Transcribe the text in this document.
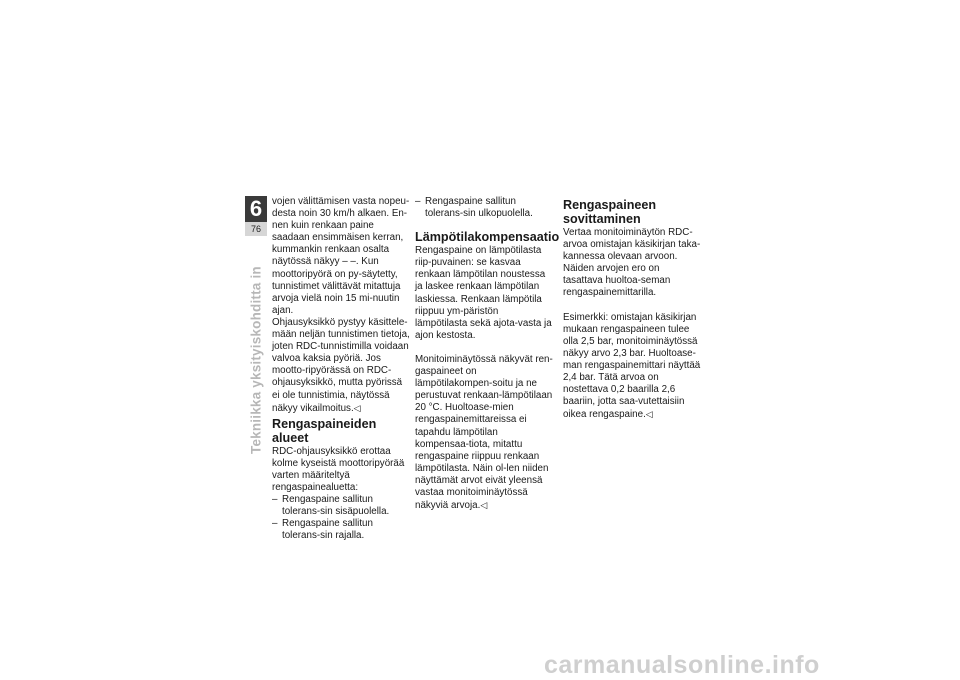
6
76
Tekniikka yksityiskohditta in

vojen välittämisen vasta nopeu-desta noin 30 km/h alkaen. En-nen kuin renkaan paine saadaan ensimmäisen kerran, kummankin renkaan osalta näytössä näkyy – –. Kun moottoripyörä on py-säytetty, tunnistimet välittävät mitattuja arvoja vielä noin 15 mi-nuutin ajan.

Ohjausyksikkö pystyy käsittele-mään neljän tunnistimen tietoja, joten RDC-tunnistimilla voidaan valvoa kaksia pyöriä. Jos mootto-ripyörässä on RDC-ohjausyksikkö, mutta pyörissä ei ole tunnistimia, näytössä näkyy vikailmoitus.◁

Rengaspaineiden alueet

RDC-ohjausyksikkö erottaa kolme kyseistä moottoripyörää varten määriteltyä rengaspainealuetta:

– Rengaspaine sallitun tolerans-sin sisäpuolella.
– Rengaspaine sallitun tolerans-sin rajalla.
– Rengaspaine sallitun tolerans-sin ulkopuolella.
Lämpötilakompensaatio

Rengaspaine on lämpötilasta riip-puvainen: se kasvaa renkaan lämpötilan noustessa ja laskee renkaan lämpötilan laskiessa. Renkaan lämpötila riippuu ym-päristön lämpötilasta sekä ajota-vasta ja ajon kestosta.

Monitoiminäytössä näkyvät ren-gaspaineet on lämpötilakompen-soitu ja ne perustuvat renkaan-lämpötilaan 20 °C. Huoltoase-mien rengaspainemittareissa ei tapahdu lämpötilan kompensaa-tiota, mitattu rengaspaine riippuu renkaan lämpötilasta. Näin ol-len niiden näyttämät arvot eivät yleensä vastaa monitoiminäytössä näkyviä arvoja.◁

Rengaspaineen sovittaminen

Vertaa monitoiminäytön RDC-arvoa omistajan käsikirjan taka-kannessa olevaan arvoon. Näiden arvojen ero on tasattava huoltoa-seman rengaspainemittarilla.

Esimerkki: omistajan käsikirjan mukaan rengaspaineen tulee olla 2,5 bar, monitoiminäytössä näkyy arvo 2,3 bar. Huoltoase-man rengaspainemittari näyttää 2,4 bar. Tätä arvoa on nostettava 0,2 baarilla 2,6 baariin, jotta saa-vutettaisiin oikea rengaspaine.◁

carmanualsonline.info
